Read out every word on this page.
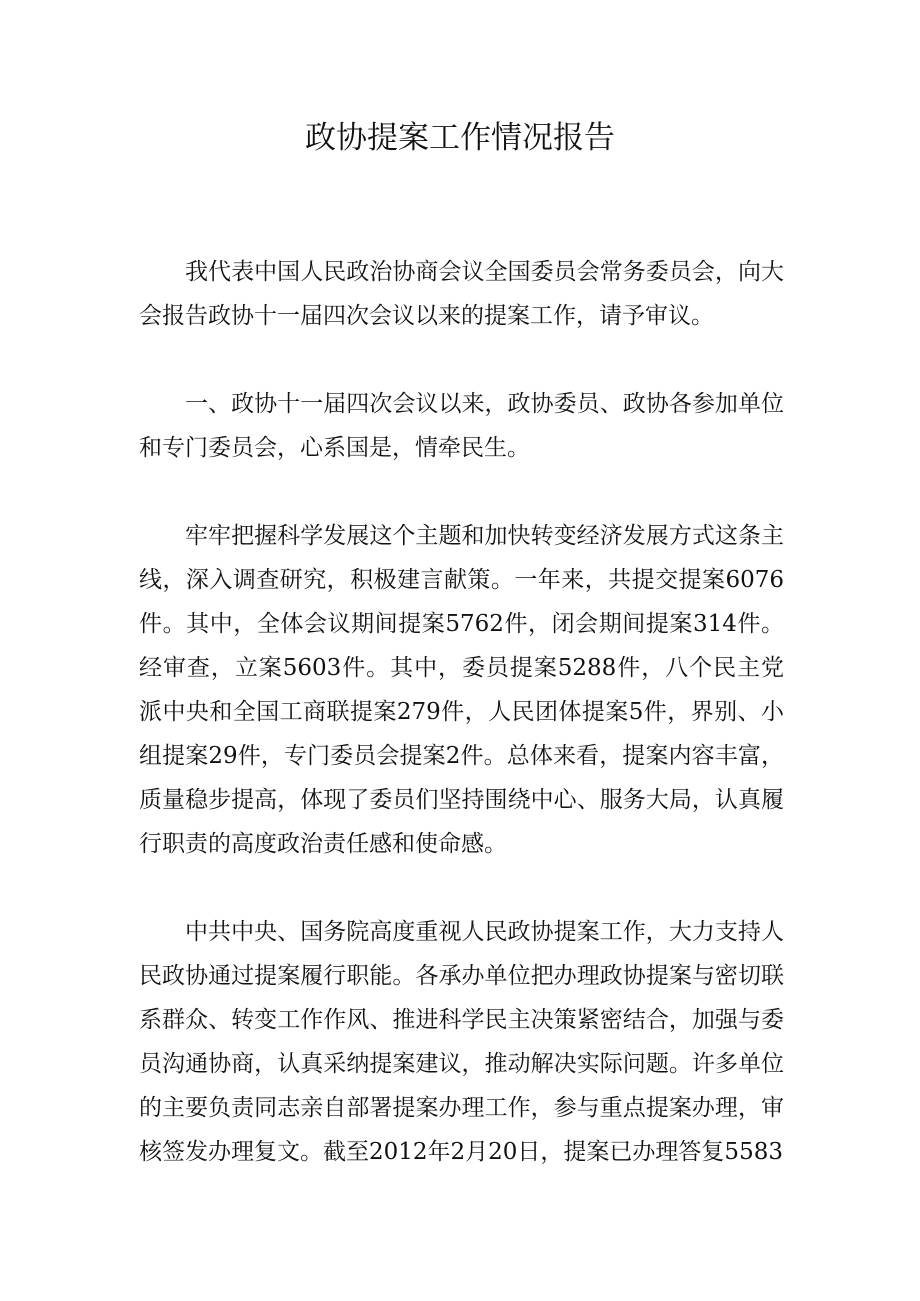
政协提案工作情况报告

我代表中国人民政治协商会议全国委员会常务委员会，向大会报告政协十一届四次会议以来的提案工作，请予审议。

一、政协十一届四次会议以来，政协委员、政协各参加单位和专门委员会，心系国是，情牵民生。

牢牢把握科学发展这个主题和加快转变经济发展方式这条主线，深入调查研究，积极建言献策。一年来，共提交提案6076件。其中，全体会议期间提案5762件，闭会期间提案314件。经审查，立案5603件。其中，委员提案5288件，八个民主党派中央和全国工商联提案279件，人民团体提案5件，界别、小组提案29件，专门委员会提案2件。总体来看，提案内容丰富，质量稳步提高，体现了委员们坚持围绕中心、服务大局，认真履行职责的高度政治责任感和使命感。

中共中央、国务院高度重视人民政协提案工作，大力支持人民政协通过提案履行职能。各承办单位把办理政协提案与密切联系群众、转变工作作风、推进科学民主决策紧密结合，加强与委员沟通协商，认真采纳提案建议，推动解决实际问题。许多单位的主要负责同志亲自部署提案办理工作，参与重点提案办理，审核签发办理复文。截至2012年2月20日，提案已办理答复5583
